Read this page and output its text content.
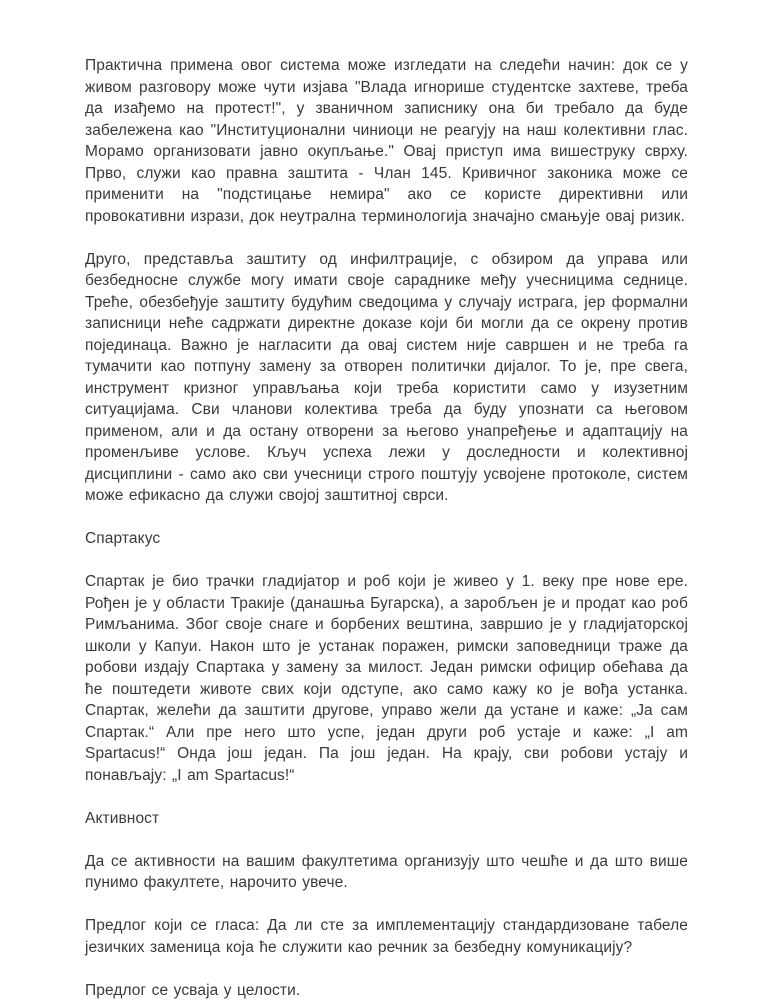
Практична примена овог система може изгледати на следећи начин: док се у живом разговору може чути изјава "Влада игнорише студентске захтеве, треба да изађемо на протест!", у званичном записнику она би требало да буде забележена као "Институционални чиниоци не реагују на наш колективни глас. Морамо организовати јавно окупљање." Овај приступ има вишеструку сврху. Прво, служи као правна заштита - Члан 145. Кривичног законика може се применити на "подстицање немира" ако се користе директивни или провокативни изрази, док неутрална терминологија значајно смањује овај ризик.

Друго, представља заштиту од инфилтрације, с обзиром да управа или безбедносне службе могу имати своје сараднике међу учесницима седнице. Треће, обезбеђује заштиту будућим сведоцима у случају истрага, јер формални записници неће садржати директне доказе који би могли да се окрену против појединаца. Важно је нагласити да овај систем није савршен и не треба га тумачити као потпуну замену за отворен политички дијалог. То је, пре свега, инструмент кризног управљања који треба користити само у изузетним ситуацијама. Сви чланови колектива треба да буду упознати са његовом применом, али и да остану отворени за његово унапређење и адаптацију на променљиве услове. Кључ успеха лежи у доследности и колективној дисциплини - само ако сви учесници строго поштују усвојене протоколе, систем може ефикасно да служи својој заштитној сврси.

Спартакус

Спартак је био трачки гладијатор и роб који је живео у 1. веку пре нове ере. Рођен је у области Тракије (данашња Бугарска), а заробљен је и продат као роб Римљанима. Због своје снаге и борбених вештина, завршио је у гладијаторској школи у Капуи. Након што је устанак поражен, римски заповедници траже да робови издају Спартака у замену за милост. Један римски официр обећава да ће поштедети животе свих који одступе, ако само кажу ко је вођа устанка. Спартак, желећи да заштити другове, управо жели да устане и каже: „Ја сам Спартак.“ Али пре него што успе, један други роб устаје и каже: „I am Spartacus!“ Онда још један. Па још један. На крају, сви робови устају и понављају: „I am Spartacus!“

Активност

Да се активности на вашим факултетима организују што чешће и да што више пунимо факултете, нарочито увече.

Предлог који се гласа: Да ли сте за имплементацију стандардизоване табеле језичких заменица која ће служити као речник за безбедну комуникацију?

Предлог се усваја у целости.
